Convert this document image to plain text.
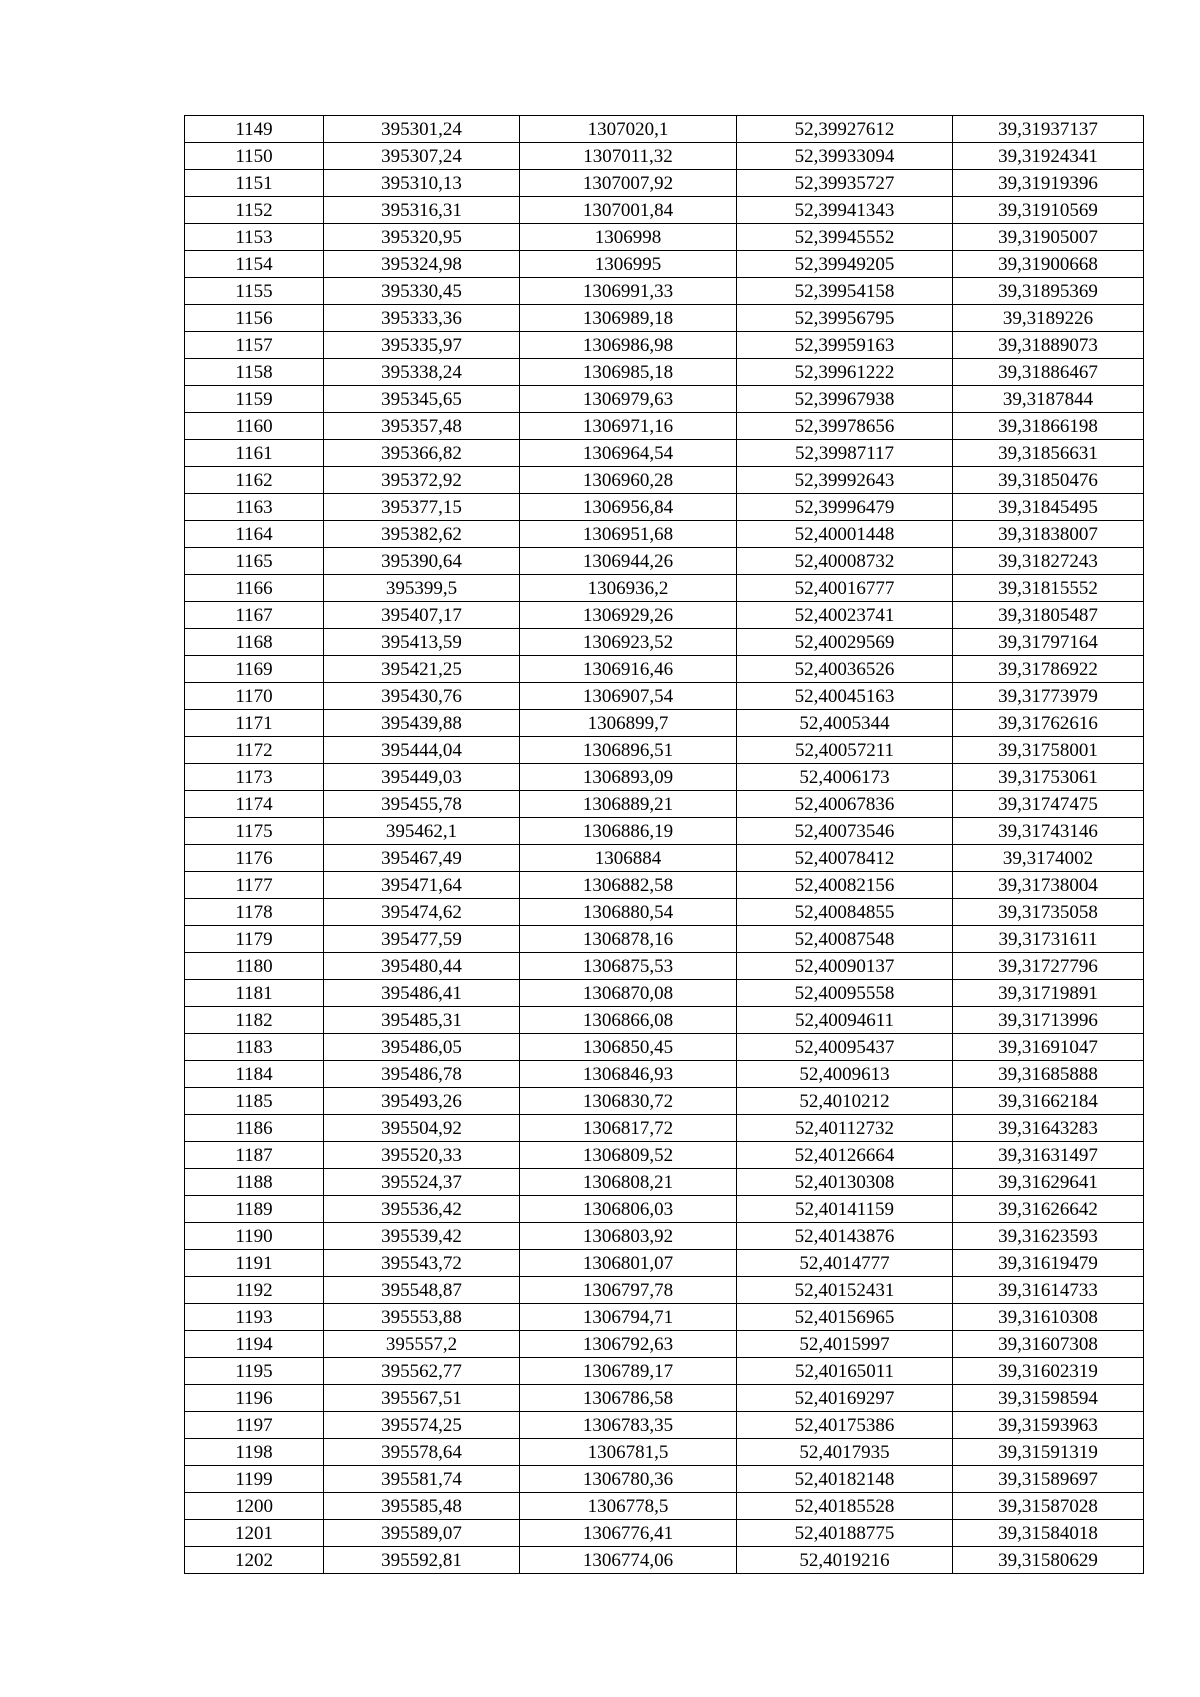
1149	395301,24	1307020,1	52,39927612	39,31937137
1150	395307,24	1307011,32	52,39933094	39,31924341
1151	395310,13	1307007,92	52,39935727	39,31919396
1152	395316,31	1307001,84	52,39941343	39,31910569
1153	395320,95	1306998	52,39945552	39,31905007
1154	395324,98	1306995	52,39949205	39,31900668
1155	395330,45	1306991,33	52,39954158	39,31895369
1156	395333,36	1306989,18	52,39956795	39,3189226
1157	395335,97	1306986,98	52,39959163	39,31889073
1158	395338,24	1306985,18	52,39961222	39,31886467
1159	395345,65	1306979,63	52,39967938	39,3187844
1160	395357,48	1306971,16	52,39978656	39,31866198
1161	395366,82	1306964,54	52,39987117	39,31856631
1162	395372,92	1306960,28	52,39992643	39,31850476
1163	395377,15	1306956,84	52,39996479	39,31845495
1164	395382,62	1306951,68	52,40001448	39,31838007
1165	395390,64	1306944,26	52,40008732	39,31827243
1166	395399,5	1306936,2	52,40016777	39,31815552
1167	395407,17	1306929,26	52,40023741	39,31805487
1168	395413,59	1306923,52	52,40029569	39,31797164
1169	395421,25	1306916,46	52,40036526	39,31786922
1170	395430,76	1306907,54	52,40045163	39,31773979
1171	395439,88	1306899,7	52,4005344	39,31762616
1172	395444,04	1306896,51	52,40057211	39,31758001
1173	395449,03	1306893,09	52,4006173	39,31753061
1174	395455,78	1306889,21	52,40067836	39,31747475
1175	395462,1	1306886,19	52,40073546	39,31743146
1176	395467,49	1306884	52,40078412	39,3174002
1177	395471,64	1306882,58	52,40082156	39,31738004
1178	395474,62	1306880,54	52,40084855	39,31735058
1179	395477,59	1306878,16	52,40087548	39,31731611
1180	395480,44	1306875,53	52,40090137	39,31727796
1181	395486,41	1306870,08	52,40095558	39,31719891
1182	395485,31	1306866,08	52,40094611	39,31713996
1183	395486,05	1306850,45	52,40095437	39,31691047
1184	395486,78	1306846,93	52,4009613	39,31685888
1185	395493,26	1306830,72	52,4010212	39,31662184
1186	395504,92	1306817,72	52,40112732	39,31643283
1187	395520,33	1306809,52	52,40126664	39,31631497
1188	395524,37	1306808,21	52,40130308	39,31629641
1189	395536,42	1306806,03	52,40141159	39,31626642
1190	395539,42	1306803,92	52,40143876	39,31623593
1191	395543,72	1306801,07	52,4014777	39,31619479
1192	395548,87	1306797,78	52,40152431	39,31614733
1193	395553,88	1306794,71	52,40156965	39,31610308
1194	395557,2	1306792,63	52,4015997	39,31607308
1195	395562,77	1306789,17	52,40165011	39,31602319
1196	395567,51	1306786,58	52,40169297	39,31598594
1197	395574,25	1306783,35	52,40175386	39,31593963
1198	395578,64	1306781,5	52,4017935	39,31591319
1199	395581,74	1306780,36	52,40182148	39,31589697
1200	395585,48	1306778,5	52,40185528	39,31587028
1201	395589,07	1306776,41	52,40188775	39,31584018
1202	395592,81	1306774,06	52,4019216	39,31580629
